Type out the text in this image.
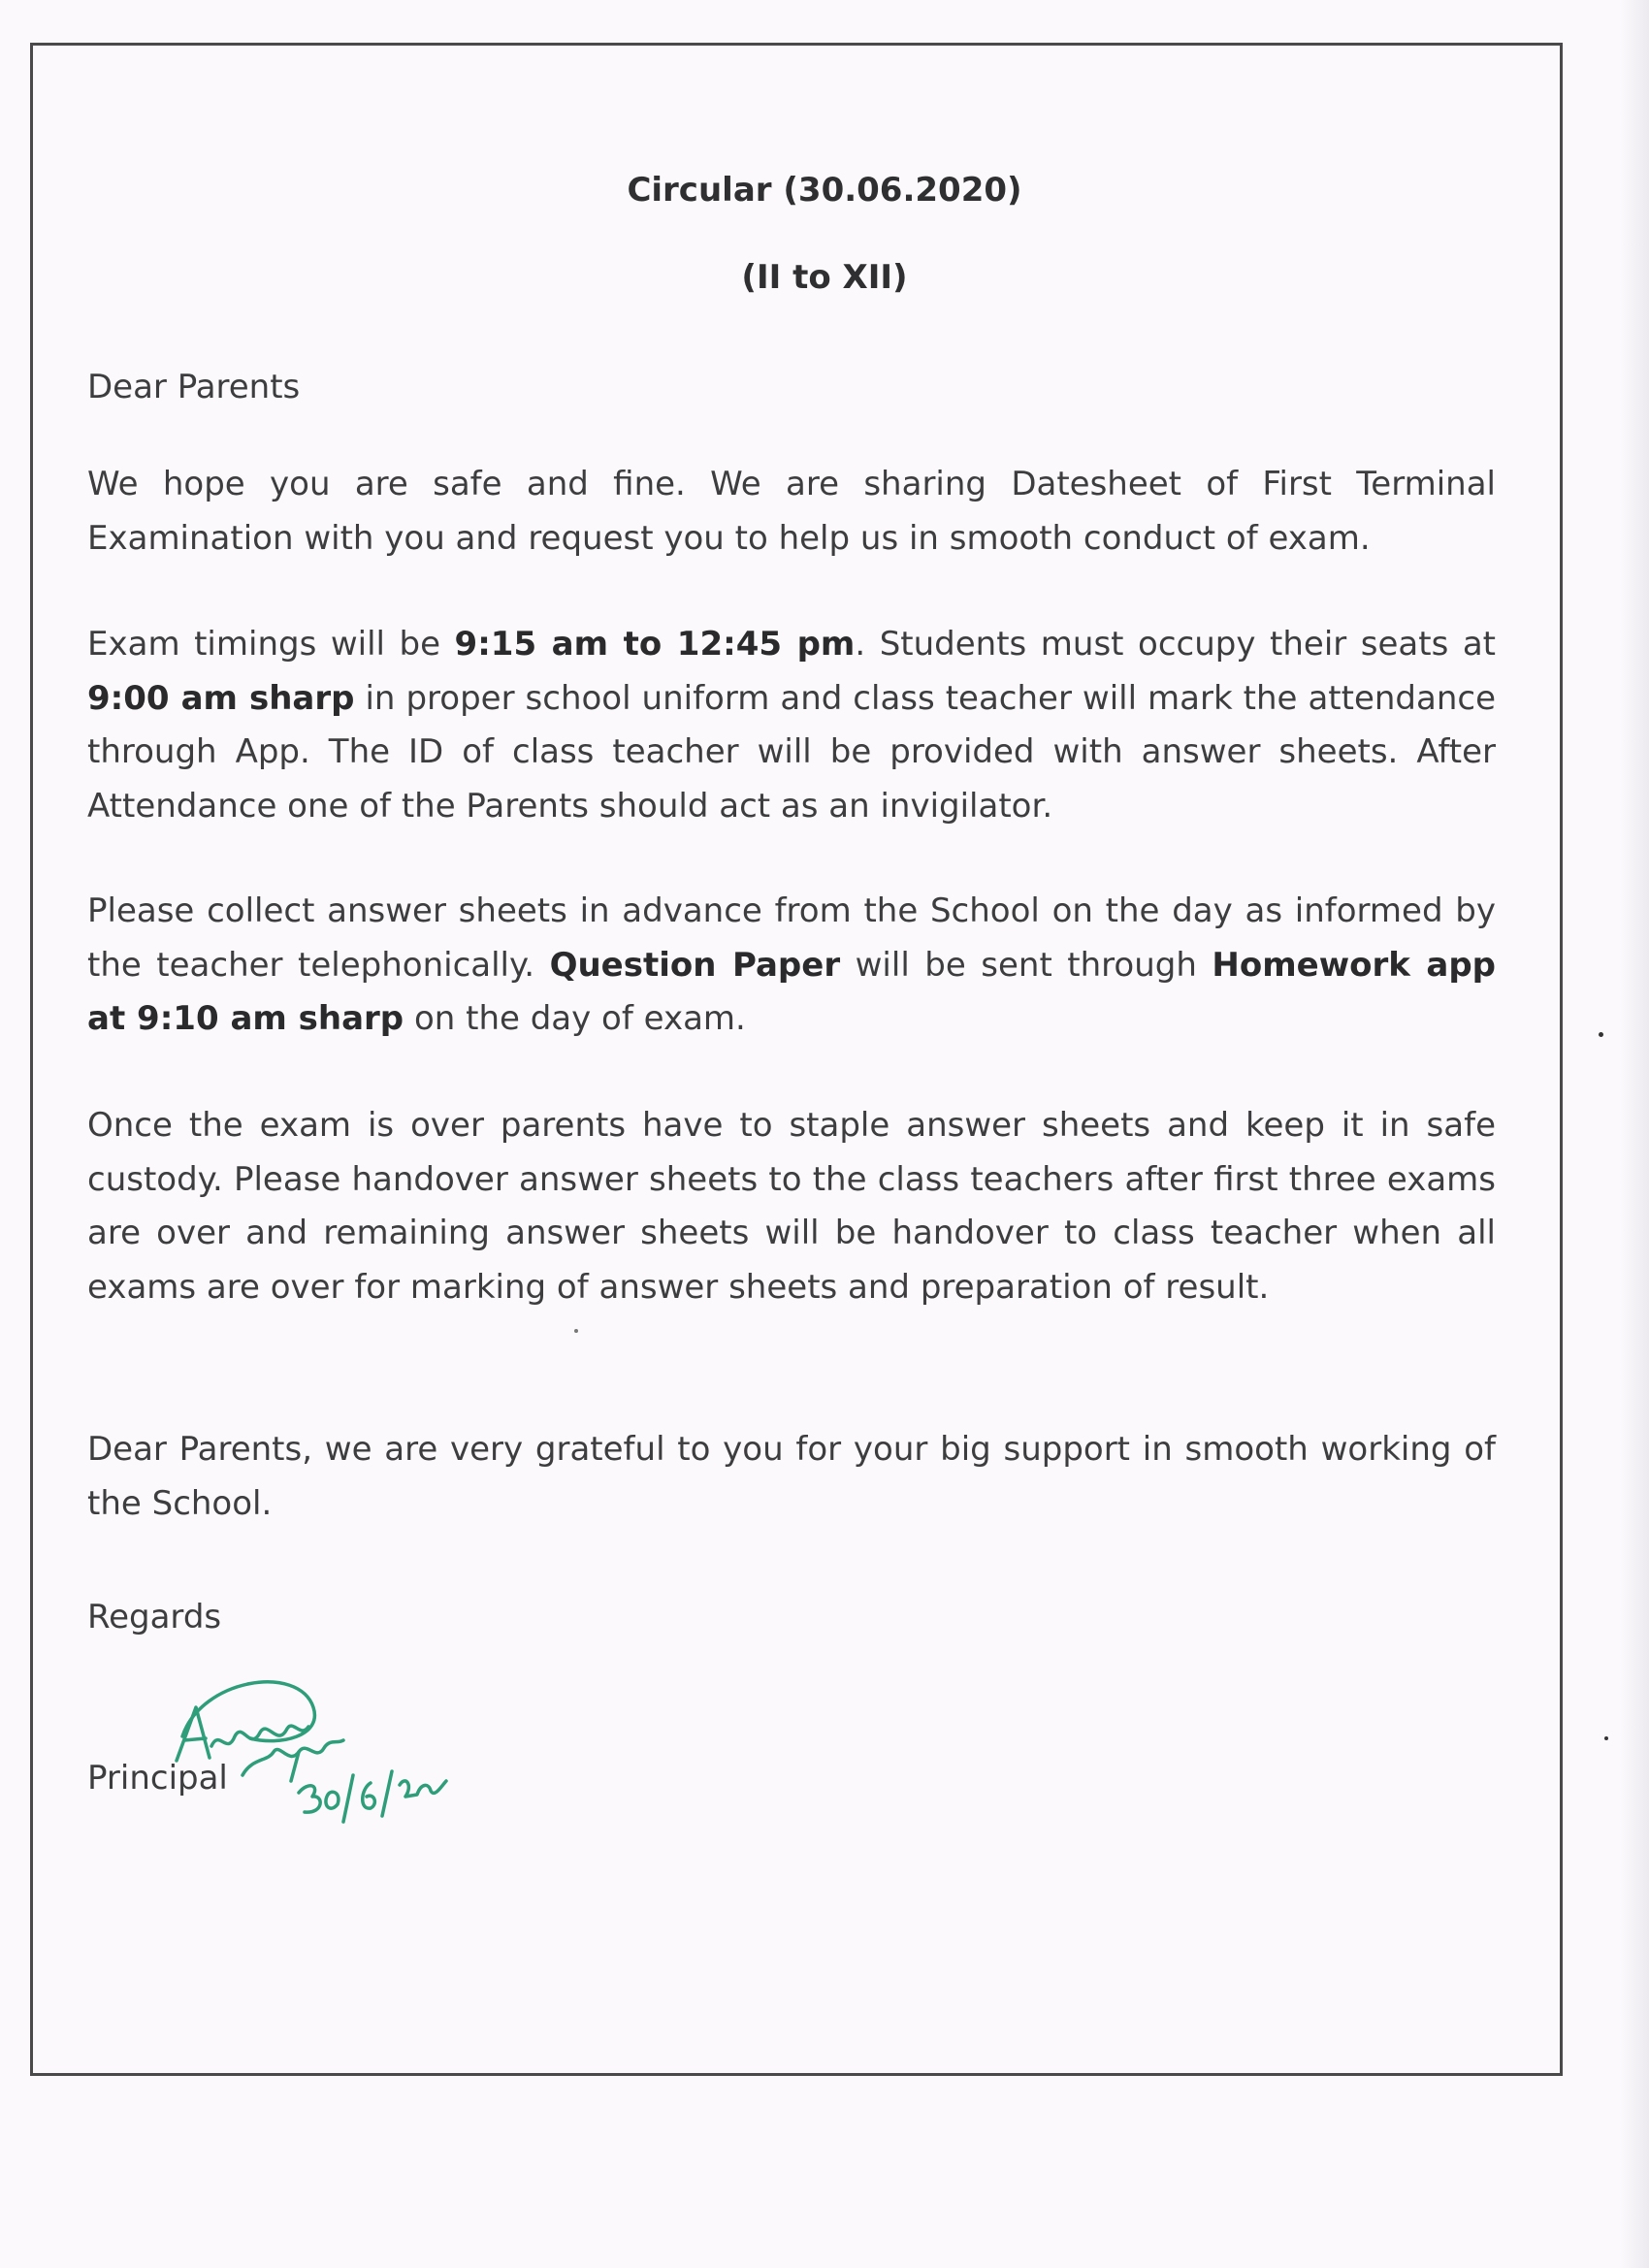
Circular (30.06.2020)
(II to XII)
Dear Parents
We hope you are safe and fine. We are sharing Datesheet of First Terminal Examination with you and request you to help us in smooth conduct of exam.
Exam timings will be 9:15 am to 12:45 pm. Students must occupy their seats at 9:00 am sharp in proper school uniform and class teacher will mark the attendance through App. The ID of class teacher will be provided with answer sheets. After Attendance one of the Parents should act as an invigilator.
Please collect answer sheets in advance from the School on the day as informed by the teacher telephonically. Question Paper will be sent through Homework app at 9:10 am sharp on the day of exam.
Once the exam is over parents have to staple answer sheets and keep it in safe custody. Please handover answer sheets to the class teachers after first three exams are over and remaining answer sheets will be handover to class teacher when all exams are over for marking of answer sheets and preparation of result.
Dear Parents, we are very grateful to you for your big support in smooth working of the School.
Regards
Principal
